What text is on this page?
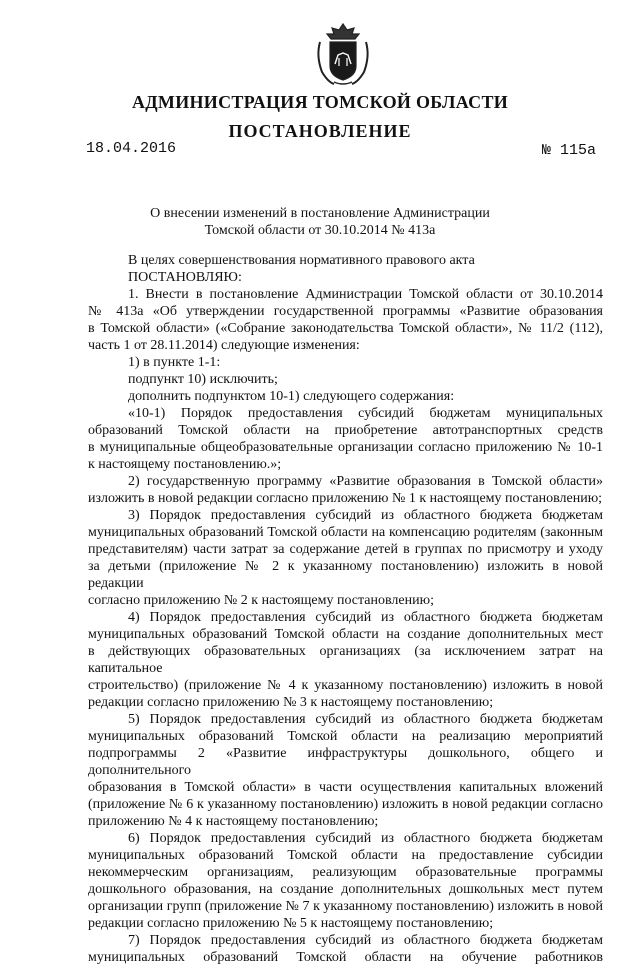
АДМИНИСТРАЦИЯ ТОМСКОЙ ОБЛАСТИ
ПОСТАНОВЛЕНИЕ
18.04.2016	№ 115а
О внесении изменений в постановление Администрации
Томской области от 30.10.2014 № 413а

В целях совершенствования нормативного правового акта

ПОСТАНОВЛЯЮ:

1. Внести в постановление Администрации Томской области от 30.10.2014

№ 413а «Об утверждении государственной программы «Развитие образования

в Томской области» («Собрание законодательства Томской области», № 11/2 (112),

часть 1 от 28.11.2014) следующие изменения:

1) в пункте 1-1:

подпункт 10) исключить;

дополнить подпунктом 10-1) следующего содержания:

«10-1) Порядок предоставления субсидий бюджетам муниципальных

образований Томской области на приобретение автотранспортных средств

в муниципальные общеобразовательные организации согласно приложению № 10-1

к настоящему постановлению.»;

2) государственную программу «Развитие образования в Томской области»

изложить в новой редакции согласно приложению № 1 к настоящему постановлению;

3) Порядок предоставления субсидий из областного бюджета бюджетам

муниципальных образований Томской области на компенсацию родителям (законным

представителям) части затрат за содержание детей в группах по присмотру и уходу

за детьми (приложение № 2 к указанному постановлению) изложить в новой редакции

согласно приложению № 2 к настоящему постановлению;

4) Порядок предоставления субсидий из областного бюджета бюджетам

муниципальных образований Томской области на создание дополнительных мест

в действующих образовательных организациях (за исключением затрат на капитальное

строительство) (приложение № 4 к указанному постановлению) изложить в новой

редакции согласно приложению № 3 к настоящему постановлению;

5) Порядок предоставления субсидий из областного бюджета бюджетам

муниципальных образований Томской области на реализацию мероприятий

подпрограммы 2 «Развитие инфраструктуры дошкольного, общего и дополнительного

образования в Томской области» в части осуществления капитальных вложений

(приложение № 6 к указанному постановлению) изложить в новой редакции согласно

приложению № 4 к настоящему постановлению;

6) Порядок предоставления субсидий из областного бюджета бюджетам

муниципальных образований Томской области на предоставление субсидии

некоммерческим организациям, реализующим образовательные программы

дошкольного образования, на создание дополнительных дошкольных мест путем

организации групп (приложение № 7 к указанному постановлению) изложить в новой

редакции согласно приложению № 5 к настоящему постановлению;

7) Порядок предоставления субсидий из областного бюджета бюджетам

муниципальных образований Томской области на обучение работников
